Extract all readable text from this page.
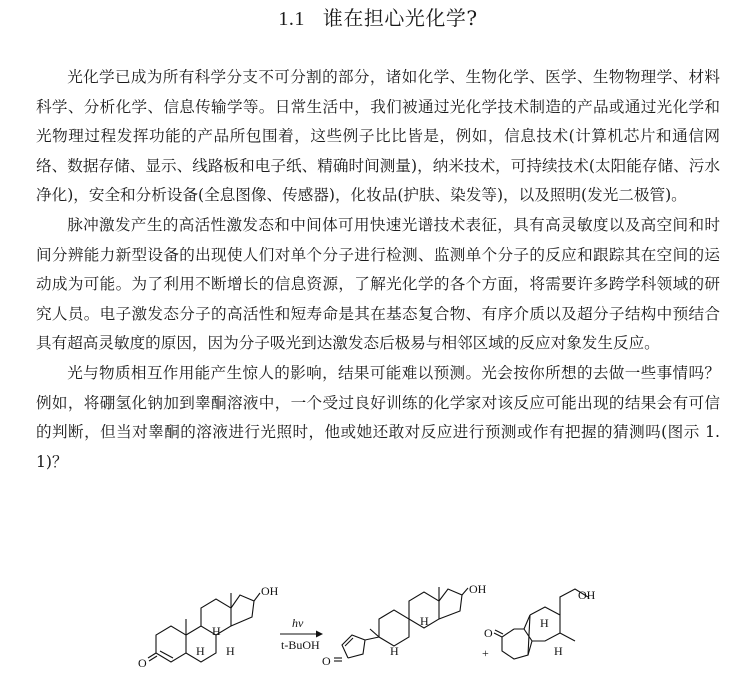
1.1 谁在担心光化学?

光化学已成为所有科学分支不可分割的部分，诸如化学、生物化学、医学、生物物理学、材料科学、分析化学、信息传输学等。日常生活中，我们被通过光化学技术制造的产品或通过光化学和光物理过程发挥功能的产品所包围着，这些例子比比皆是，例如，信息技术(计算机芯片和通信网络、数据存储、显示、线路板和电子纸、精确时间测量)，纳米技术，可持续技术(太阳能存储、污水净化)，安全和分析设备(全息图像、传感器)，化妆品(护肤、染发等)，以及照明(发光二极管)。

脉冲激发产生的高活性激发态和中间体可用快速光谱技术表征，具有高灵敏度以及高空间和时间分辨能力新型设备的出现使人们对单个分子进行检测、监测单个分子的反应和跟踪其在空间的运动成为可能。为了利用不断增长的信息资源，了解光化学的各个方面，将需要许多跨学科领域的研究人员。电子激发态分子的高活性和短寿命是其在基态复合物、有序介质以及超分子结构中预结合具有超高灵敏度的原因，因为分子吸光到达激发态后极易与相邻区域的反应对象发生反应。

光与物质相互作用能产生惊人的影响，结果可能难以预测。光会按你所想的去做一些事情吗？例如，将硼氢化钠加到睾酮溶液中，一个受过良好训练的化学家对该反应可能出现的结果会有可信的判断，但当对睾酮的溶液进行光照时，他或她还敢对反应进行预测或作有把握的猜测吗(图示 1.1)？

OH
O
H
H H
hν
t-BuOH
OH
O
H
H	+
OH
O
H
H
